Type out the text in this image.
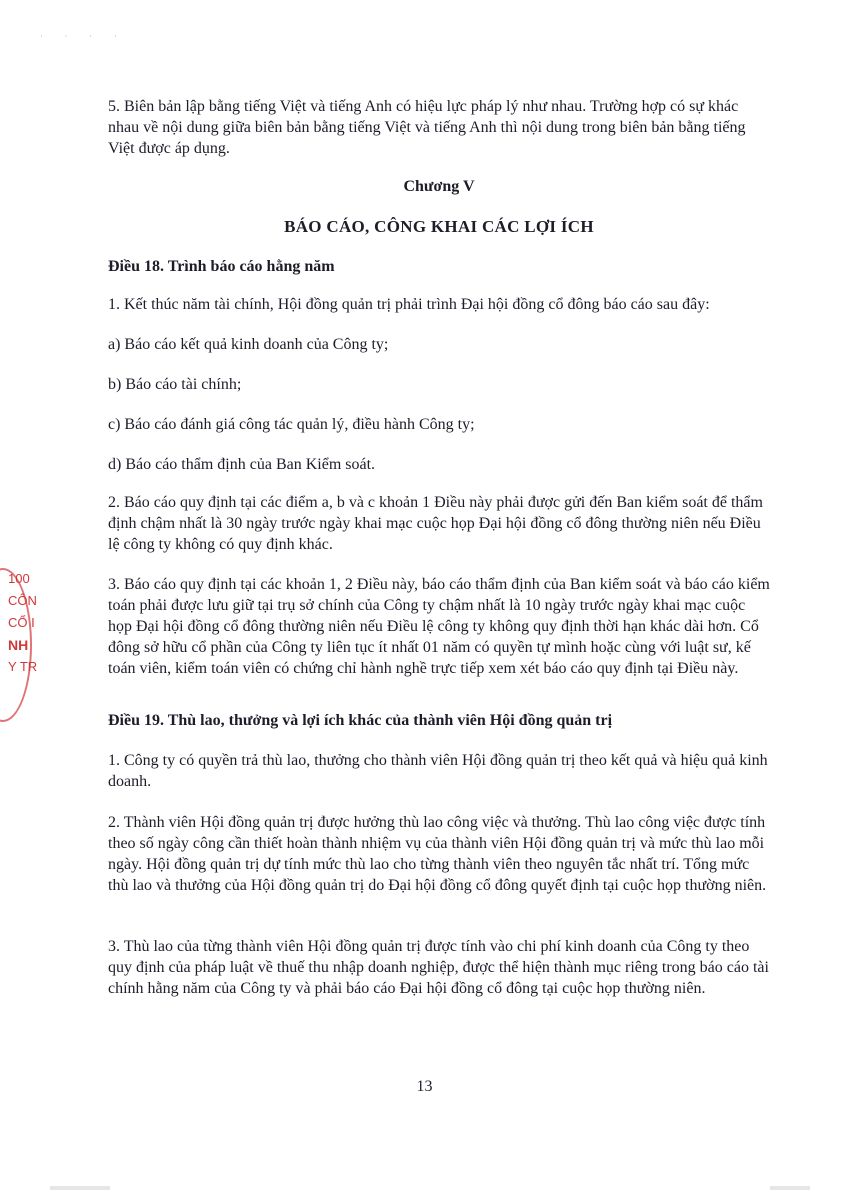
· · · ·

5. Biên bản lập bằng tiếng Việt và tiếng Anh có hiệu lực pháp lý như nhau. Trường hợp có sự khác nhau về nội dung giữa biên bản bằng tiếng Việt và tiếng Anh thì nội dung trong biên bản bằng tiếng Việt được áp dụng.

Chương V

BÁO CÁO, CÔNG KHAI CÁC LỢI ÍCH

Điều 18. Trình báo cáo hằng năm

1. Kết thúc năm tài chính, Hội đồng quản trị phải trình Đại hội đồng cổ đông báo cáo sau đây:

a) Báo cáo kết quả kinh doanh của Công ty;

b) Báo cáo tài chính;

c) Báo cáo đánh giá công tác quản lý, điều hành Công ty;

d) Báo cáo thẩm định của Ban Kiểm soát.

2. Báo cáo quy định tại các điểm a, b và c khoản 1 Điều này phải được gửi đến Ban kiểm soát để thẩm định chậm nhất là 30 ngày trước ngày khai mạc cuộc họp Đại hội đồng cổ đông thường niên nếu Điều lệ công ty không có quy định khác.

3. Báo cáo quy định tại các khoản 1, 2 Điều này, báo cáo thẩm định của Ban kiểm soát và báo cáo kiểm toán phải được lưu giữ tại trụ sở chính của Công ty chậm nhất là 10 ngày trước ngày khai mạc cuộc họp Đại hội đồng cổ đông thường niên nếu Điều lệ công ty không quy định thời hạn khác dài hơn. Cổ đông sở hữu cổ phần của Công ty liên tục ít nhất 01 năm có quyền tự mình hoặc cùng với luật sư, kế toán viên, kiểm toán viên có chứng chỉ hành nghề trực tiếp xem xét báo cáo quy định tại Điều này.

Điều 19. Thù lao, thưởng và lợi ích khác của thành viên Hội đồng quản trị

1. Công ty có quyền trả thù lao, thưởng cho thành viên Hội đồng quản trị theo kết quả và hiệu quả kinh doanh.

2. Thành viên Hội đồng quản trị được hưởng thù lao công việc và thưởng. Thù lao công việc được tính theo số ngày công cần thiết hoàn thành nhiệm vụ của thành viên Hội đồng quản trị và mức thù lao mỗi ngày. Hội đồng quản trị dự tính mức thù lao cho từng thành viên theo nguyên tắc nhất trí. Tổng mức thù lao và thưởng của Hội đồng quản trị do Đại hội đồng cổ đông quyết định tại cuộc họp thường niên.

3. Thù lao của từng thành viên Hội đồng quản trị được tính vào chi phí kinh doanh của Công ty theo quy định của pháp luật về thuế thu nhập doanh nghiệp, được thể hiện thành mục riêng trong báo cáo tài chính hằng năm của Công ty và phải báo cáo Đại hội đồng cổ đông tại cuộc họp thường niên.

13
100
CÔN
CỔ I
NH
Y TR
